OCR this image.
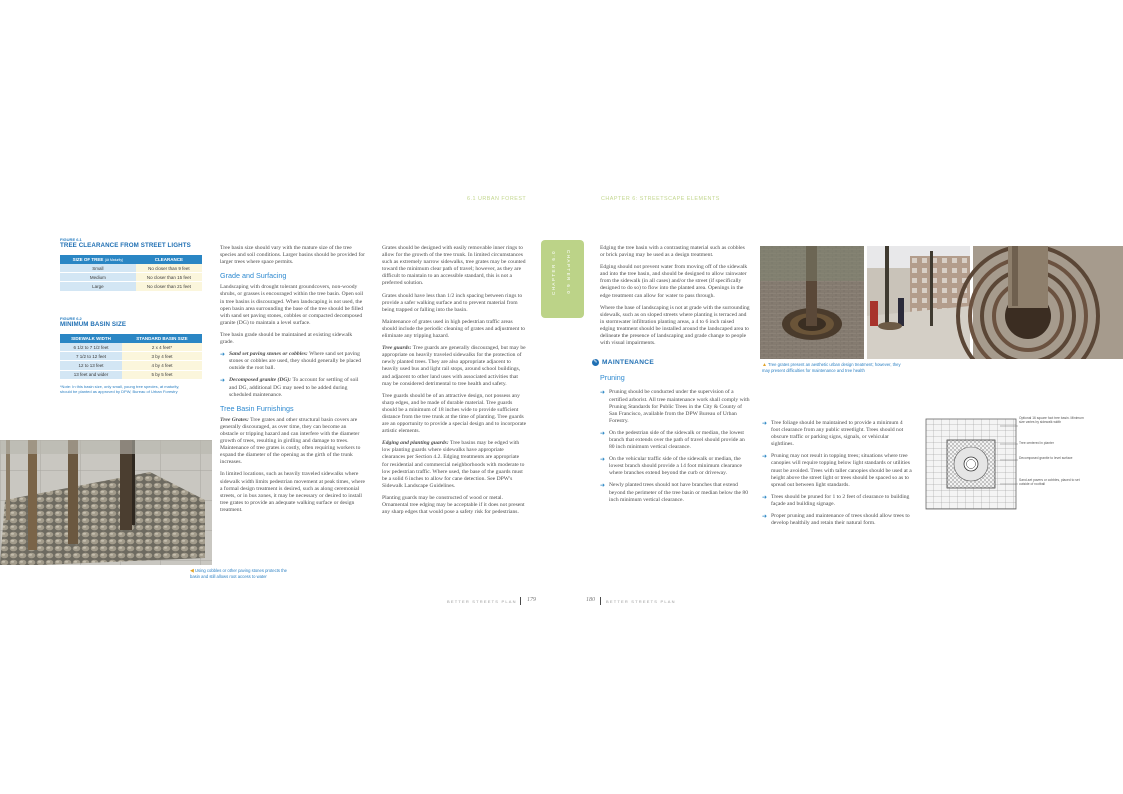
6.1 URBAN FOREST	CHAPTER 6: STREETSCAPE ELEMENTS
FIGURE 6.1
TREE CLEARANCE FROM STREET LIGHTS
SIZE OF TREE (At Maturity)	CLEARANCE
Small	No closer than 9 feet
Medium	No closer than 15 feet
Large	No closer than 21 feet
FIGURE 6.2
MINIMUM BASIN SIZE
SIDEWALK WIDTH	STANDARD BASIN SIZE
6 1/2 to 7 1/2 feet	2 x 4 feet*
7 1/2 to 12 feet	3 by 4 feet
12 to 13 feet	4 by 4 feet
13 feet and wider	5 by 5 feet
*Note: In this basin size, only small, young tree species, at maturity, should be planted as approved by DPW, Bureau of Urban Forestry
◀ Using cobbles or other paving stones protects the basin and still allows root access to water

Tree basin size should vary with the mature size of the tree species and soil conditions. Larger basins should be provided for larger trees where space permits.

Grade and Surfacing

Landscaping with drought tolerant groundcovers, non-woody shrubs, or grasses is encouraged within the tree basin. Open soil in tree basins is discouraged. When landscaping is not used, the open basin area surrounding the base of the tree should be filled with sand set paving stones, cobbles or compacted decomposed granite (DG) to maintain a level surface.

Tree basin grade should be maintained at existing sidewalk grade.

➜ Sand set paving stones or cobbles: Where sand set paving stones or cobbles are used, they should generally be placed outside the root ball.
➜ Decomposed granite (DG): To account for settling of soil and DG, additional DG may need to be added during scheduled maintenance.
Tree Basin Furnishings

Tree Grates: Tree grates and other structural basin covers are generally discouraged, as over time, they can become an obstacle or tripping hazard and can interfere with the diameter growth of trees, resulting in girdling and damage to trees. Maintenance of tree grates is costly, often requiring workers to expand the diameter of the opening as the girth of the trunk increases.

In limited locations, such as heavily traveled sidewalks where sidewalk width limits pedestrian movement at peak times, where a formal design treatment is desired, such as along ceremonial streets, or in bus zones, it may be necessary or desired to install tree grates to provide an adequate walking surface or design treatment.

Grates should be designed with easily removable inner rings to allow for the growth of the tree trunk. In limited circumstances such as extremely narrow sidewalks, tree grates may be counted toward the minimum clear path of travel; however, as they are difficult to maintain to an accessible standard, this is not a preferred solution.

Grates should have less than 1/2 inch spacing between rings to provide a safer walking surface and to prevent material from being trapped or falling into the basin.

Maintenance of grates used in high pedestrian traffic areas should include the periodic cleaning of grates and adjustment to eliminate any tripping hazard.

Tree guards: Tree guards are generally discouraged, but may be appropriate on heavily traveled sidewalks for the protection of newly planted trees. They are also appropriate adjacent to heavily used bus and light rail stops, around school buildings, and adjacent to other land uses with associated activities that may be considered detrimental to tree health and safety.

Tree guards should be of an attractive design, not possess any sharp edges, and be made of durable material. Tree guards should be a minimum of 18 inches wide to provide sufficient distance from the tree trunk at the time of planting. Tree guards are an opportunity to provide a special design and to incorporate artistic elements.

Edging and planting guards: Tree basins may be edged with low planting guards where sidewalks have appropriate clearances per Section 4.2. Edging treatments are appropriate for residential and commercial neighborhoods with moderate to low pedestrian traffic. Where used, the base of the guards must be a solid 6 inches to allow for cane detection. See DPW's Sidewalk Landscape Guidelines.

Planting guards may be constructed of wood or metal. Ornamental tree edging may be acceptable if it does not present any sharp edges that would pose a safety risk for pedestrians.

CHAPTER 6.0 CHAPTER 6.0

Edging the tree basin with a contrasting material such as cobbles or brick paving may be used as a design treatment.

Edging should not prevent water from moving off of the sidewalk and into the tree basin, and should be designed to allow rainwater from the sidewalk (in all cases) and/or the street (if specifically designed to do so) to flow into the planted area. Openings in the edge treatment can allow for water to pass through.

Where the base of landscaping is not at grade with the surrounding sidewalk, such as on sloped streets where planting is terraced and in stormwater infiltration planting areas, a 4 to 6 inch raised edging treatment should be installed around the landscaped area to delineate the presence of landscaping and grade change to people with visual impairments.

✎ MAINTENANCE
Pruning
➜ Pruning should be conducted under the supervision of a certified arborist. All tree maintenance work shall comply with Pruning Standards for Public Trees in the City & County of San Francisco, available from the DPW Bureau of Urban Forestry.
➜ On the pedestrian side of the sidewalk or median, the lowest branch that extends over the path of travel should provide an 80 inch minimum vertical clearance.
➜ On the vehicular traffic side of the sidewalk or median, the lowest branch should provide a 14 foot minimum clearance where branches extend beyond the curb or driveway.
➜ Newly planted trees should not have branches that extend beyond the perimeter of the tree basin or median below the 80 inch minimum vertical clearance.
▲ Tree grates present an aesthetic urban design treatment; however, they may present difficulties for maintenance and tree health
➜ Tree foliage should be maintained to provide a minimum 4 foot clearance from any public streetlight. Trees should not obscure traffic or parking signs, signals, or vehicular sightlines.
➜ Pruning may not result in topping trees; situations where tree canopies will require topping below light standards or utilities must be avoided. Trees with taller canopies should be used at a height above the street light or trees should be spaced so as to spread out between light standards.
➜ Trees should be pruned for 1 to 2 feet of clearance to building façade and building signage.
➜ Proper pruning and maintenance of trees should allow trees to develop healthily and retain their natural form.
Optional 16 square foot tree basin. Minimum size varies by sidewalk width
Tree centered in planter
Decomposed granite to level surface
Sand-set pavers or cobbles, placed to set outside of rootball
BETTER STREETS PLAN 179	180	BETTER STREETS PLAN
